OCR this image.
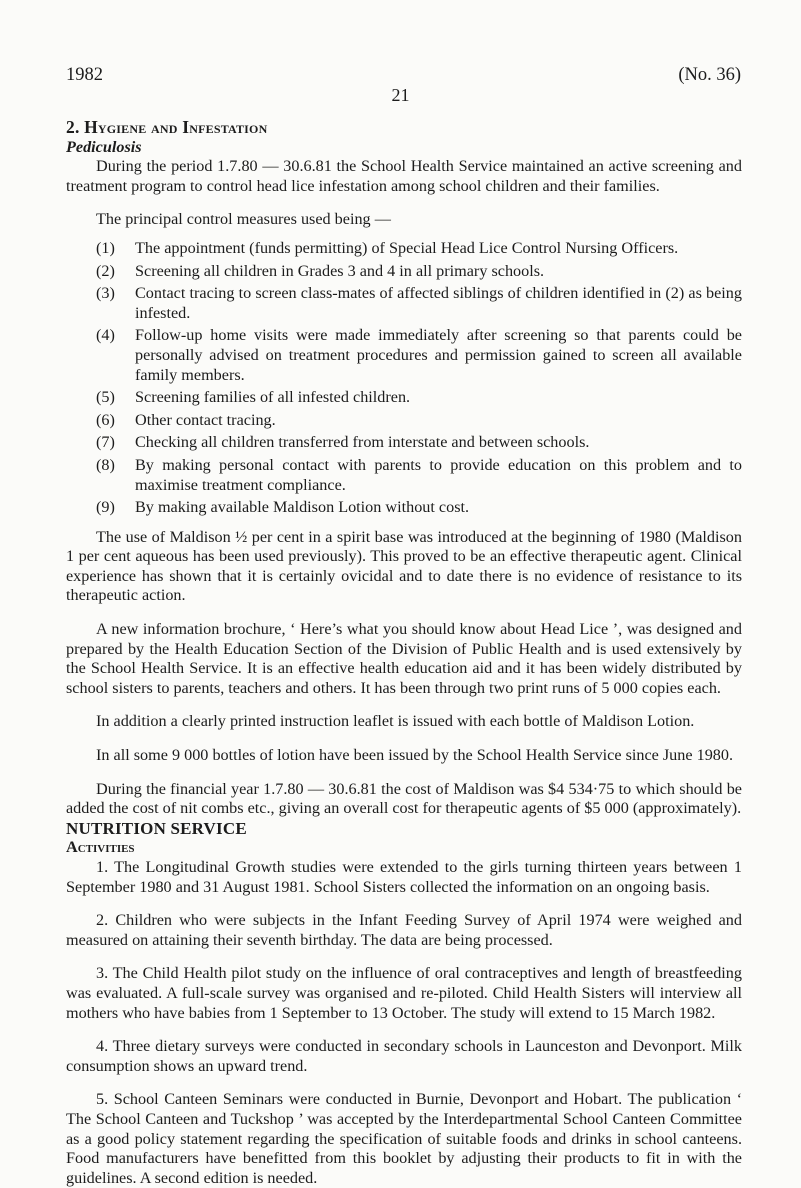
1982	(No. 36)
21

2. Hygiene and Infestation

Pediculosis

During the period 1.7.80 — 30.6.81 the School Health Service maintained an active screening and treatment program to control head lice infestation among school children and their families.

The principal control measures used being —

(1) The appointment (funds permitting) of Special Head Lice Control Nursing Officers.
(2) Screening all children in Grades 3 and 4 in all primary schools.
(3) Contact tracing to screen class-mates of affected siblings of children identified in (2) as being infested.
(4) Follow-up home visits were made immediately after screening so that parents could be personally advised on treatment procedures and permission gained to screen all available family members.
(5) Screening families of all infested children.
(6) Other contact tracing.
(7) Checking all children transferred from interstate and between schools.
(8) By making personal contact with parents to provide education on this problem and to maximise treatment compliance.
(9) By making available Maldison Lotion without cost.

The use of Maldison ½ per cent in a spirit base was introduced at the beginning of 1980 (Maldison 1 per cent aqueous has been used previously). This proved to be an effective therapeutic agent. Clinical experience has shown that it is certainly ovicidal and to date there is no evidence of resistance to its therapeutic action.

A new information brochure, ‘ Here’s what you should know about Head Lice ’, was designed and prepared by the Health Education Section of the Division of Public Health and is used extensively by the School Health Service. It is an effective health education aid and it has been widely distributed by school sisters to parents, teachers and others. It has been through two print runs of 5 000 copies each.

In addition a clearly printed instruction leaflet is issued with each bottle of Maldison Lotion.

In all some 9 000 bottles of lotion have been issued by the School Health Service since June 1980.

During the financial year 1.7.80 — 30.6.81 the cost of Maldison was $4 534·75 to which should be added the cost of nit combs etc., giving an overall cost for therapeutic agents of $5 000 (approximately).

NUTRITION SERVICE

Activities

1. The Longitudinal Growth studies were extended to the girls turning thirteen years between 1 September 1980 and 31 August 1981. School Sisters collected the information on an ongoing basis.

2. Children who were subjects in the Infant Feeding Survey of April 1974 were weighed and measured on attaining their seventh birthday. The data are being processed.

3. The Child Health pilot study on the influence of oral contraceptives and length of breastfeeding was evaluated. A full-scale survey was organised and re-piloted. Child Health Sisters will interview all mothers who have babies from 1 September to 13 October. The study will extend to 15 March 1982.

4. Three dietary surveys were conducted in secondary schools in Launceston and Devonport. Milk consumption shows an upward trend.

5. School Canteen Seminars were conducted in Burnie, Devonport and Hobart. The publication ‘ The School Canteen and Tuckshop ’ was accepted by the Interdepartmental School Canteen Committee as a good policy statement regarding the specification of suitable foods and drinks in school canteens. Food manufacturers have benefitted from this booklet by adjusting their products to fit in with the guidelines. A second edition is needed.
